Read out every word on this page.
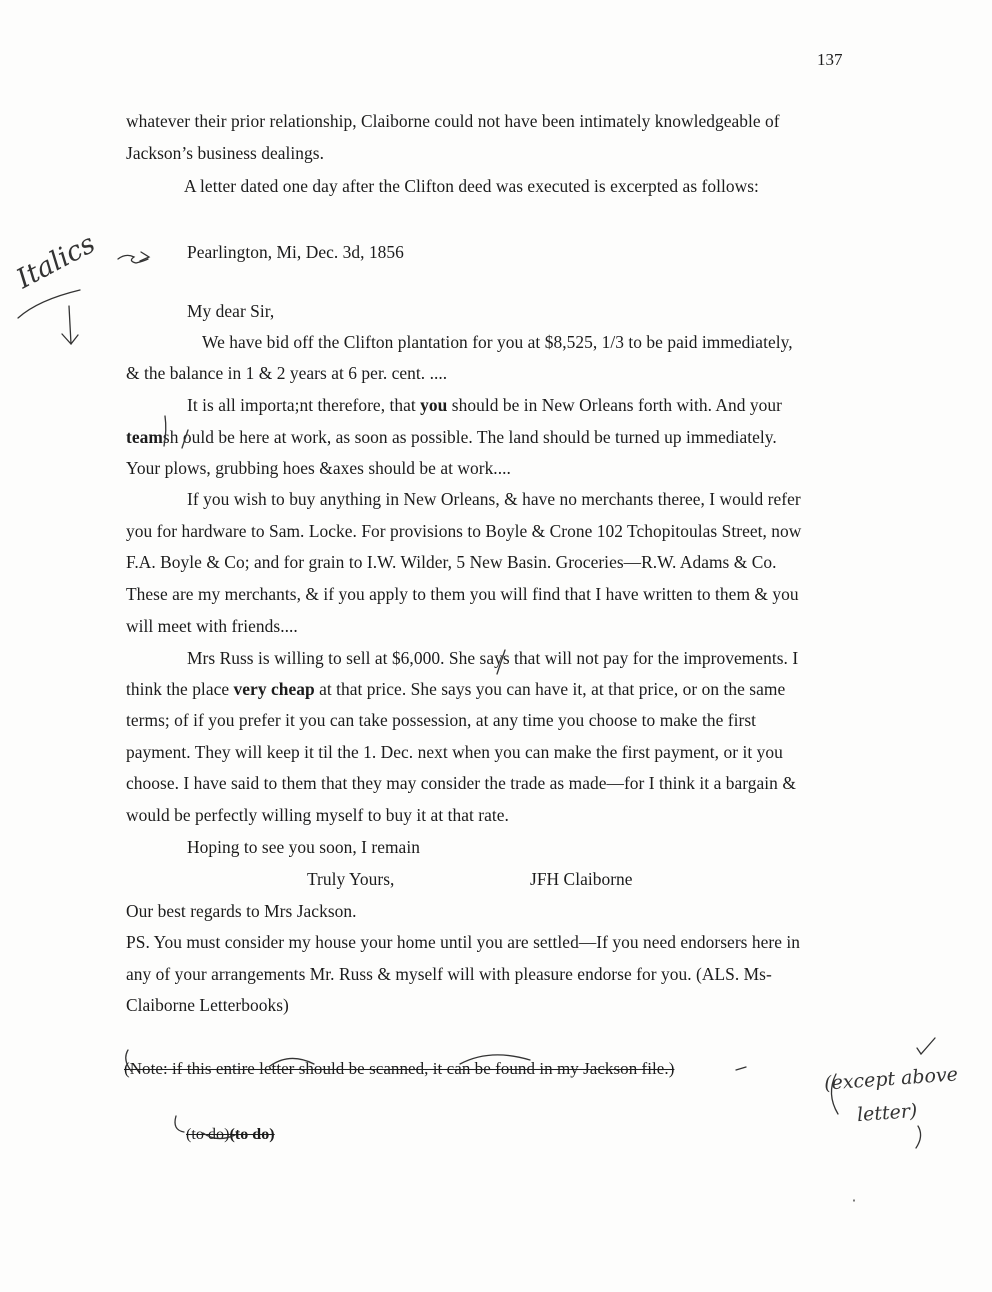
137
whatever their prior relationship, Claiborne could not have been intimately knowledgeable of
Jackson’s business dealings.
A letter dated one day after the Clifton deed was executed is excerpted as follows:
Pearlington, Mi, Dec. 3d, 1856
My dear Sir,
We have bid off the Clifton plantation for you at $8,525, 1/3 to be paid immediately,
& the balance in 1 & 2 years at 6 per. cent. ....
It is all importa;nt therefore, that you should be in New Orleans forth with. And your
teamsh ould be here at work, as soon as possible. The land should be turned up immediately.
Your plows, grubbing hoes &axes should be at work....
If you wish to buy anything in New Orleans, & have no merchants theree, I would refer
you for hardware to Sam. Locke. For provisions to Boyle & Crone 102 Tchopitoulas Street, now
F.A. Boyle & Co; and for grain to I.W. Wilder, 5 New Basin. Groceries—R.W. Adams & Co.
These are my merchants, & if you apply to them you will find that I have written to them & you
will meet with friends....
Mrs Russ is willing to sell at $6,000. She says that will not pay for the improvements. I
think the place very cheap at that price. She says you can have it, at that price, or on the same
terms; of if you prefer it you can take possession, at any time you choose to make the first
payment. They will keep it til the 1. Dec. next when you can make the first payment, or it you
choose. I have said to them that they may consider the trade as made—for I think it a bargain &
would be perfectly willing myself to buy it at that rate.
Hoping to see you soon, I remain
Truly Yours,	JFH Claiborne
Our best regards to Mrs Jackson.
PS. You must consider my house your home until you are settled—If you need endorsers here in
any of your arrangements Mr. Russ & myself will with pleasure endorse for you. (ALS. Ms-
Claiborne Letterbooks)
(Note: if this entire letter should be scanned, it can be found in my Jackson file.)
(to do)(to do)
Italics
(except above
letter)
